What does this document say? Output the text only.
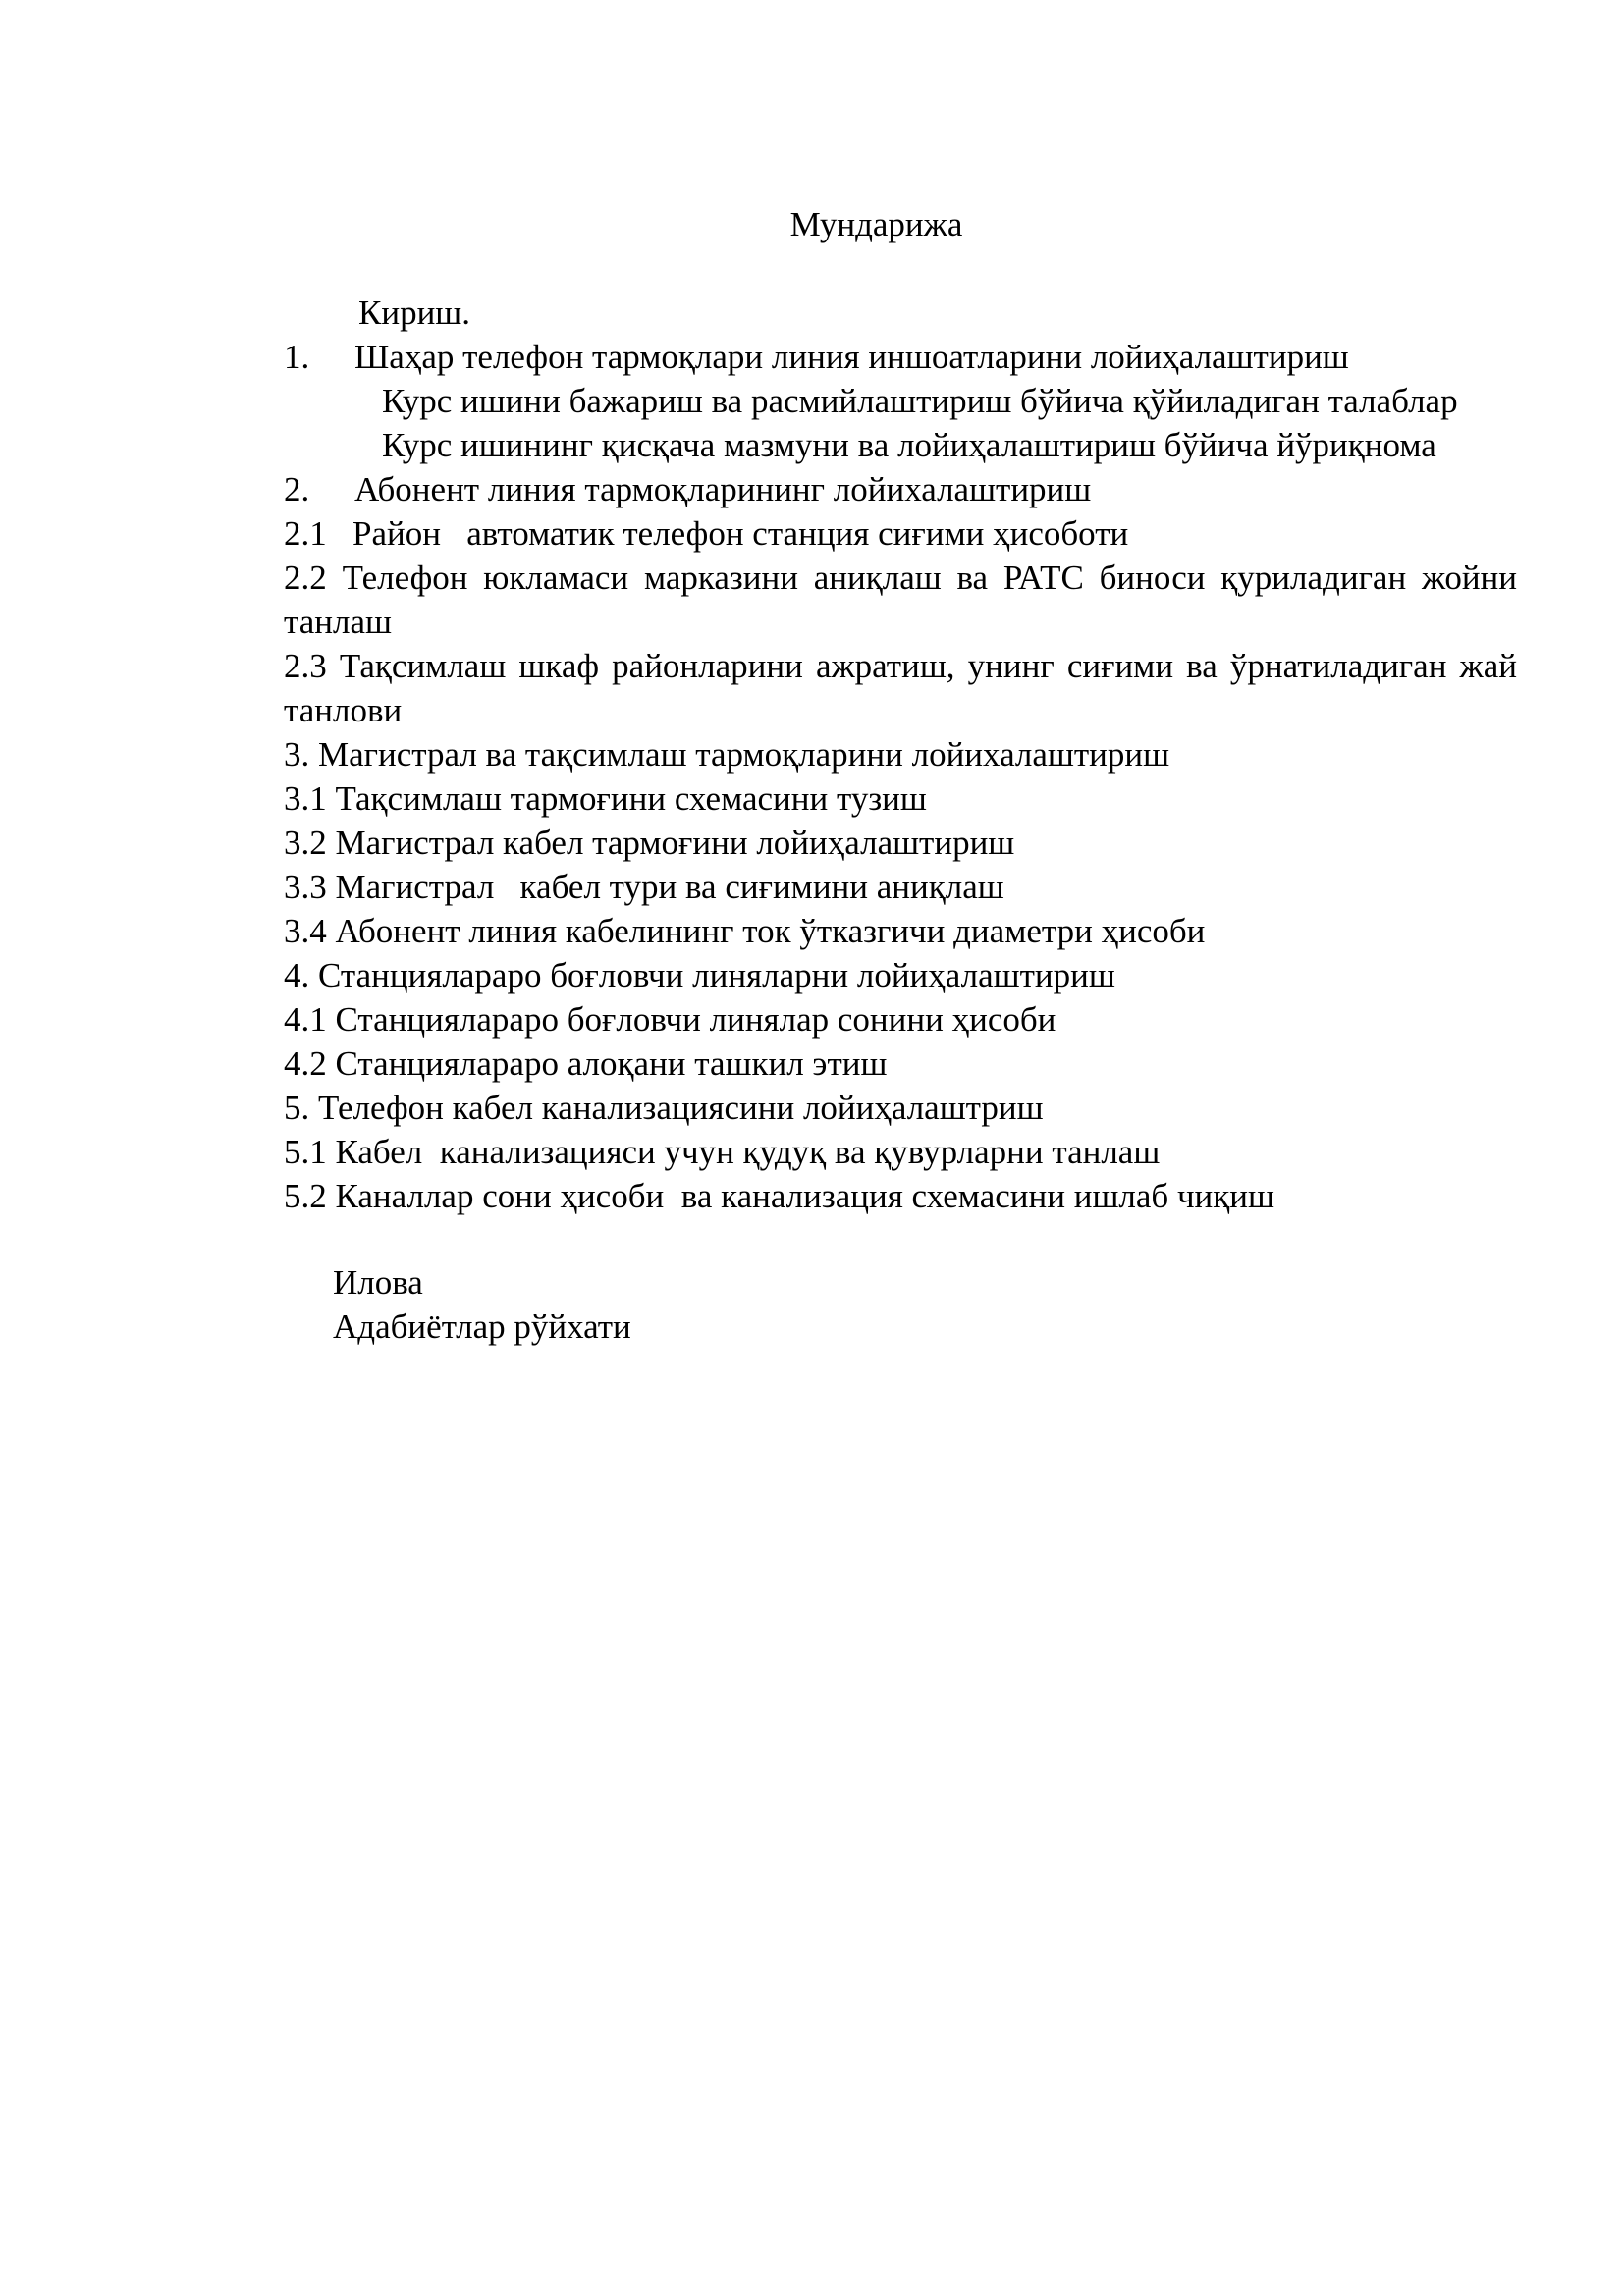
Мундарижа
Кириш.
1. Шаҳар телефон тармоқлари линия иншоатларини лойиҳалаштириш
Курс ишини бажариш ва расмийлаштириш бўйича қўйиладиган талаблар
Курс ишининг қисқача мазмуни ва лойиҳалаштириш бўйича йўриқнома
2. Абонент линия тармоқларининг лойихалаштириш
2.1 Район   автоматик телефон станция сиғими ҳисоботи
2.2 Телефон юкламаси марказини аниқлаш ва РАТС биноси қуриладиган жойни танлаш
2.3 Тақсимлаш шкаф районларини ажратиш, унинг сиғими ва ўрнатиладиган жай танлови
3. Магистрал ва тақсимлаш тармоқларини лойихалаштириш
3.1 Тақсимлаш тармоғини схемасини тузиш
3.2 Магистрал кабел тармоғини лойиҳалаштириш
3.3 Магистрал   кабел тури ва сиғимини аниқлаш
3.4 Абонент линия кабелининг ток ўтказгичи диаметри ҳисоби
4. Станциялараро боғловчи линяларни лойиҳалаштириш
4.1 Станциялараро боғловчи линялар сонини ҳисоби
4.2 Станциялараро алоқани ташкил этиш
5. Телефон кабел канализациясини лойиҳалаштриш
5.1 Кабел  канализацияси учун қудуқ ва қувурларни танлаш
5.2 Каналлар сони ҳисоби  ва канализация схемасини ишлаб чиқиш
Илова
Адабиётлар рўйхати
